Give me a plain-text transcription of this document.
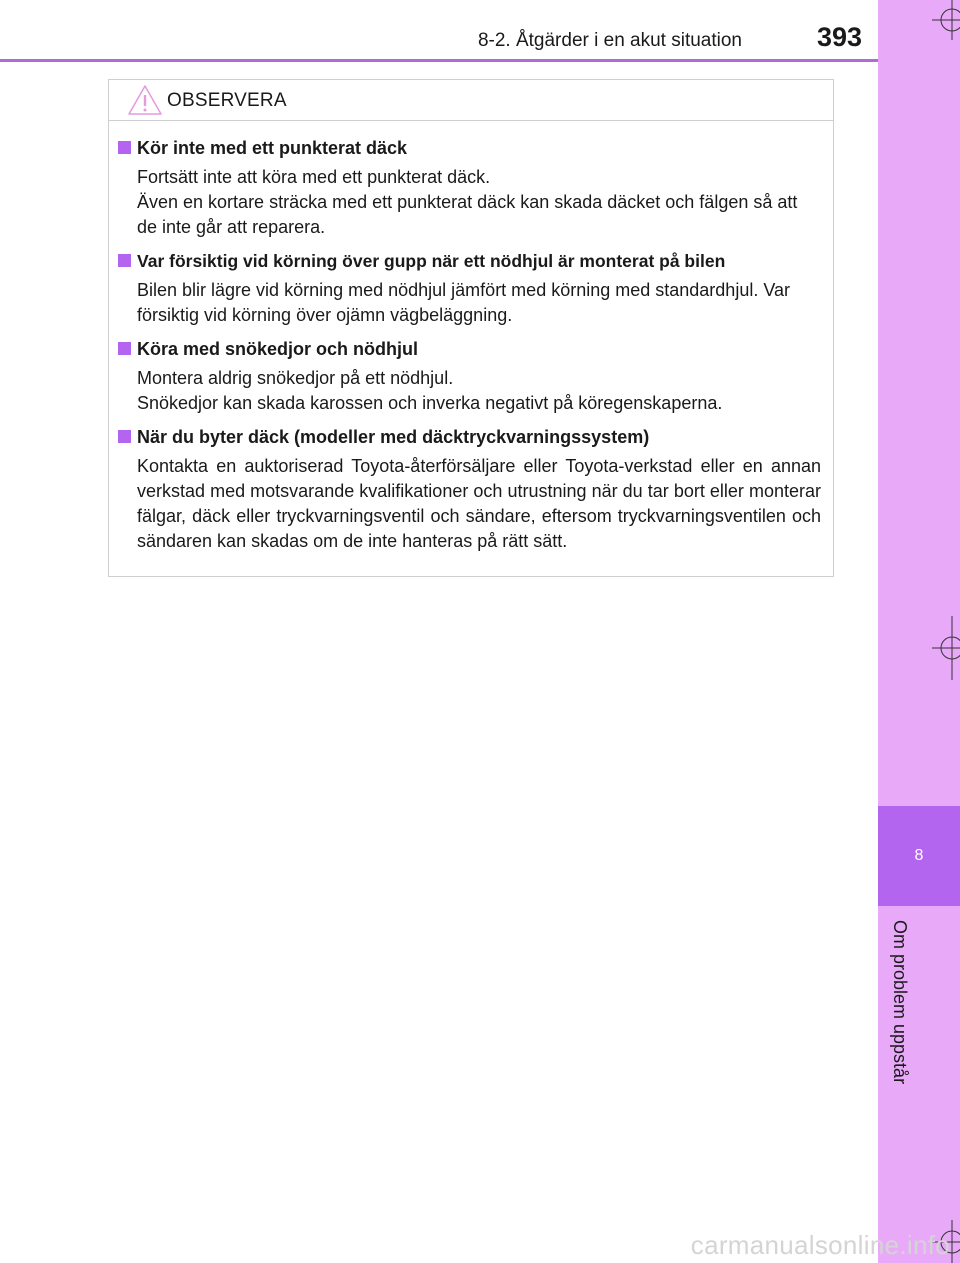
8-2. Åtgärder i en akut situation	393
8
Om problem uppstår
OBSERVERA
Kör inte med ett punkterat däck

Fortsätt inte att köra med ett punkterat däck.

Även en kortare sträcka med ett punkterat däck kan skada däcket och fälgen så att de inte går att reparera.

Var försiktig vid körning över gupp när ett nödhjul är monterat på bilen

Bilen blir lägre vid körning med nödhjul jämfört med körning med standardhjul. Var försiktig vid körning över ojämn vägbeläggning.

Köra med snökedjor och nödhjul

Montera aldrig snökedjor på ett nödhjul.

Snökedjor kan skada karossen och inverka negativt på köregenskaperna.

När du byter däck (modeller med däcktryckvarningssystem)

Kontakta en auktoriserad Toyota-återförsäljare eller Toyota-verkstad eller en annan verkstad med motsvarande kvalifikationer och utrustning när du tar bort eller monterar fälgar, däck eller tryckvarningsventil och sändare, eftersom tryckvarningsventilen och sändaren kan skadas om de inte hanteras på rätt sätt.

carmanualsonline.info
